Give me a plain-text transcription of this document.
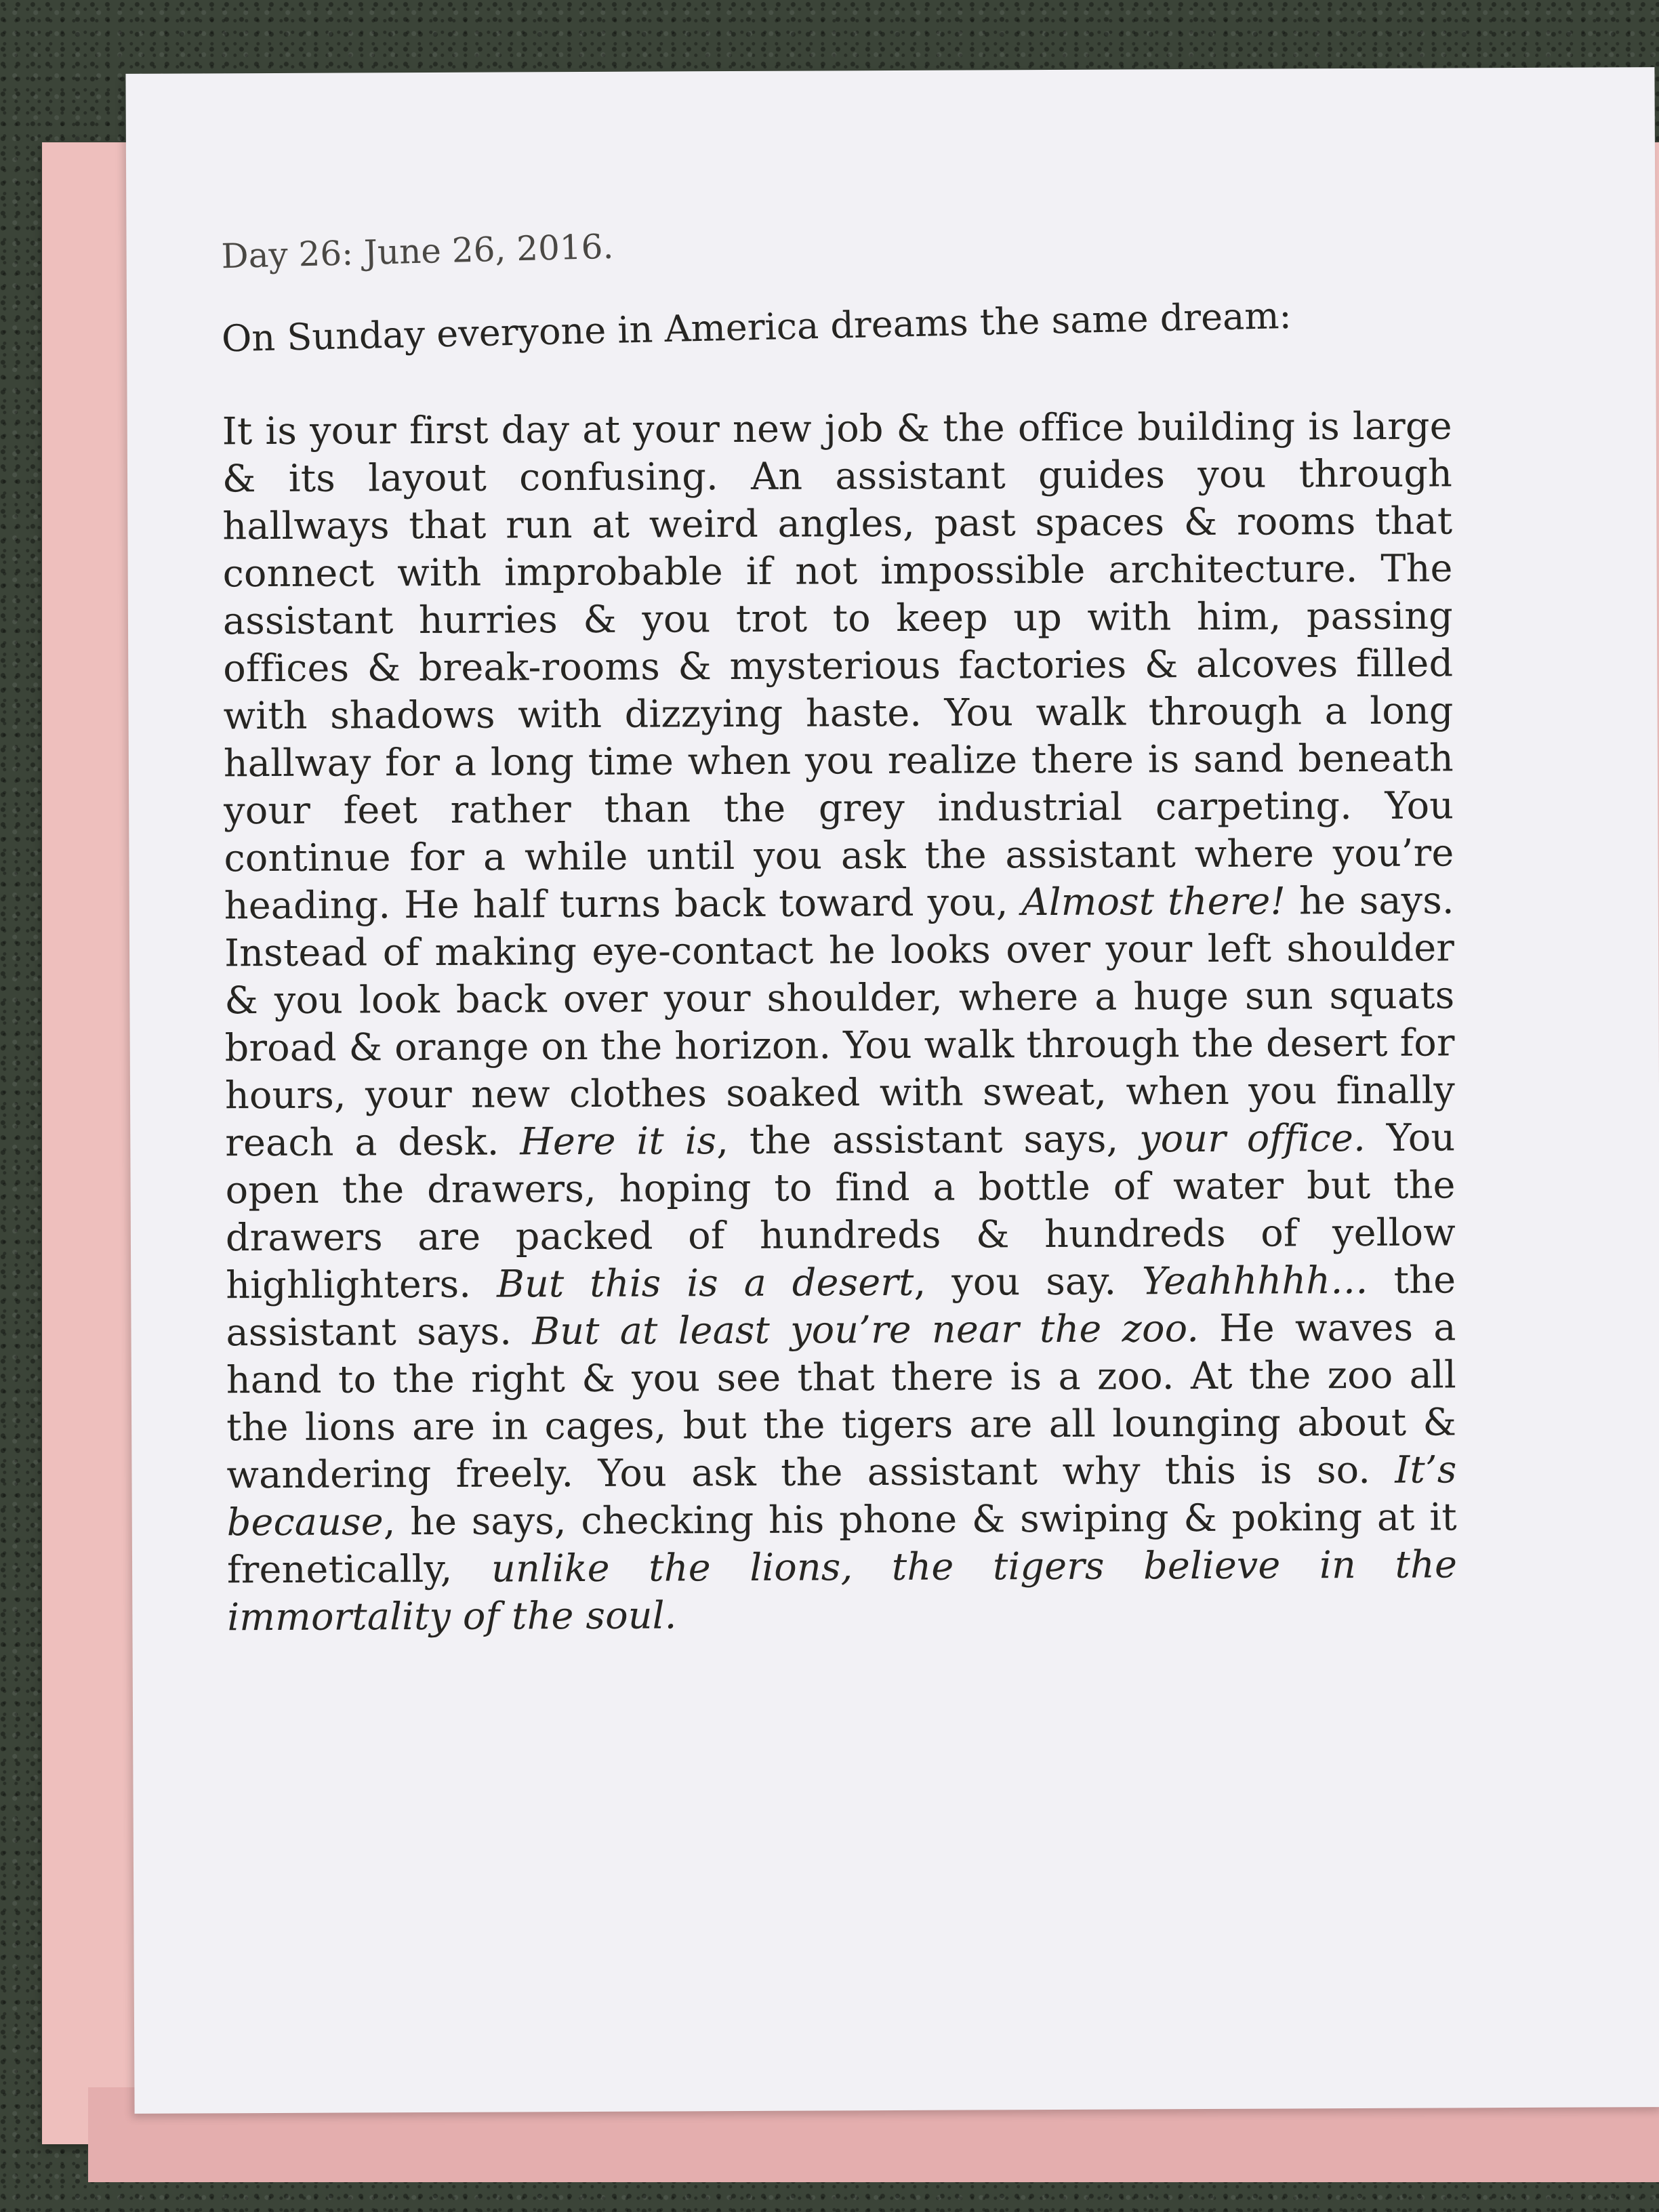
Day 26: June 26, 2016.

On Sunday everyone in America dreams the same dream:

It is your first day at your new job & the office building is large & its layout confusing. An assistant guides you through hallways that run at weird angles, past spaces & rooms that connect with improbable if not impossible architecture. The assistant hurries & you trot to keep up with him, passing offices & break-rooms & mysterious factories & alcoves filled with shadows with dizzying haste. You walk through a long hallway for a long time when you realize there is sand beneath your feet rather than the grey industrial carpeting. You continue for a while until you ask the assistant where you’re heading. He half turns back toward you, Almost there! he says. Instead of making eye-contact he looks over your left shoulder & you look back over your shoulder, where a huge sun squats broad & orange on the horizon. You walk through the desert for hours, your new clothes soaked with sweat, when you finally reach a desk. Here it is, the assistant says, your office. You open the drawers, hoping to find a bottle of water but the drawers are packed of hundreds & hundreds of yellow highlighters. But this is a desert, you say. Yeahhhhh… the assistant says. But at least you’re near the zoo. He waves a hand to the right & you see that there is a zoo. At the zoo all the lions are in cages, but the tigers are all lounging about & wandering freely. You ask the assistant why this is so. It’s because, he says, checking his phone & swiping & poking at it frenetically, unlike the lions, the tigers believe in the immortality of the soul.
